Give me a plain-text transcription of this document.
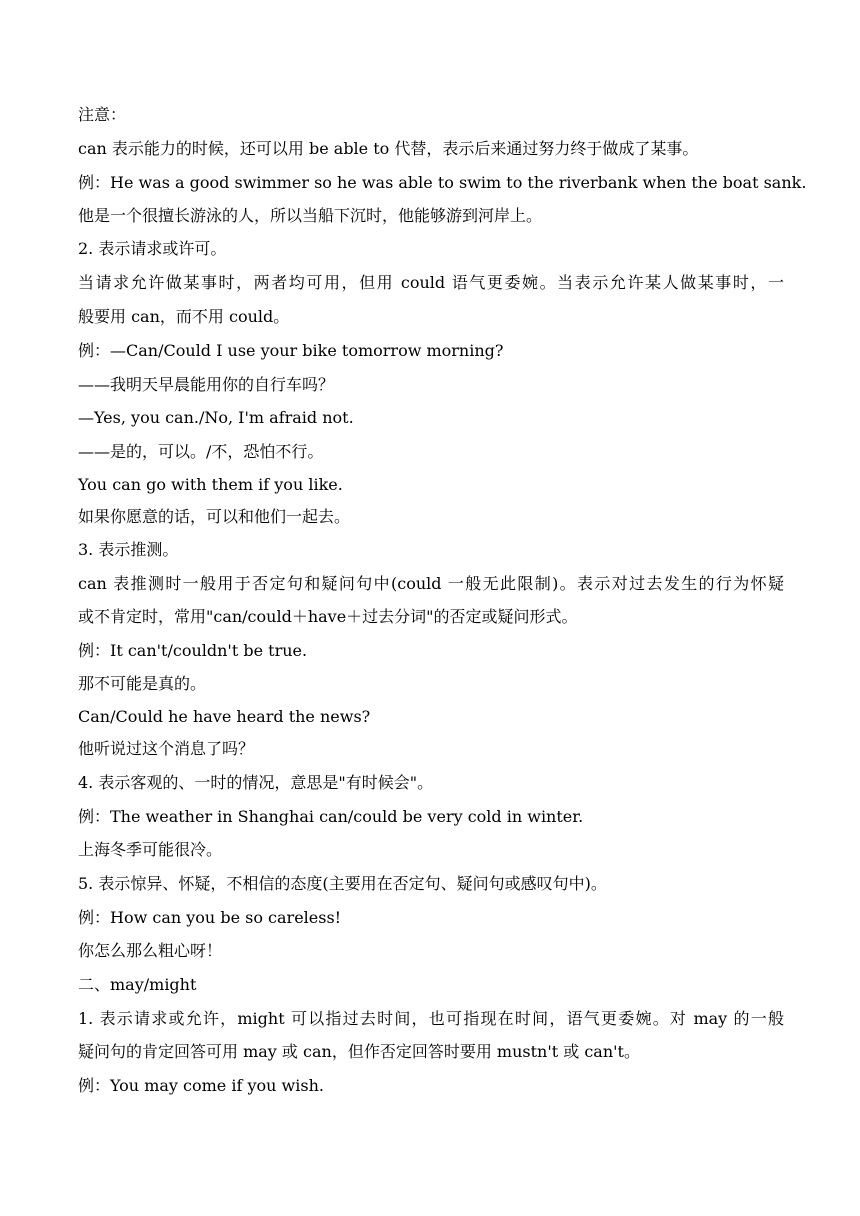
注意：
can 表示能力的时候，还可以用 be able to 代替，表示后来通过努力终于做成了某事。
例：He was a good swimmer so he was able to swim to the riverbank when the boat sank.
他是一个很擅长游泳的人，所以当船下沉时，他能够游到河岸上。
2. 表示请求或许可。
当请求允许做某事时，两者均可用，但用 could 语气更委婉。当表示允许某人做某事时，一
般要用 can，而不用 could。
例：—Can/Could I use your bike tomorrow morning?
——我明天早晨能用你的自行车吗？
—Yes, you can./No, I'm afraid not.
——是的，可以。/不，恐怕不行。
You can go with them if you like.
如果你愿意的话，可以和他们一起去。
3. 表示推测。
can 表推测时一般用于否定句和疑问句中(could 一般无此限制)。表示对过去发生的行为怀疑
或不肯定时，常用"can/could＋have＋过去分词"的否定或疑问形式。
例：It can't/couldn't be true.
那不可能是真的。
Can/Could he have heard the news?
他听说过这个消息了吗？
4. 表示客观的、一时的情况，意思是"有时候会"。
例：The weather in Shanghai can/could be very cold in winter.
上海冬季可能很冷。
5. 表示惊异、怀疑，不相信的态度(主要用在否定句、疑问句或感叹句中)。
例：How can you be so careless!
你怎么那么粗心呀！
二、may/might
1. 表示请求或允许，might 可以指过去时间，也可指现在时间，语气更委婉。对 may 的一般
疑问句的肯定回答可用 may 或 can，但作否定回答时要用 mustn't 或 can't。
例：You may come if you wish.
